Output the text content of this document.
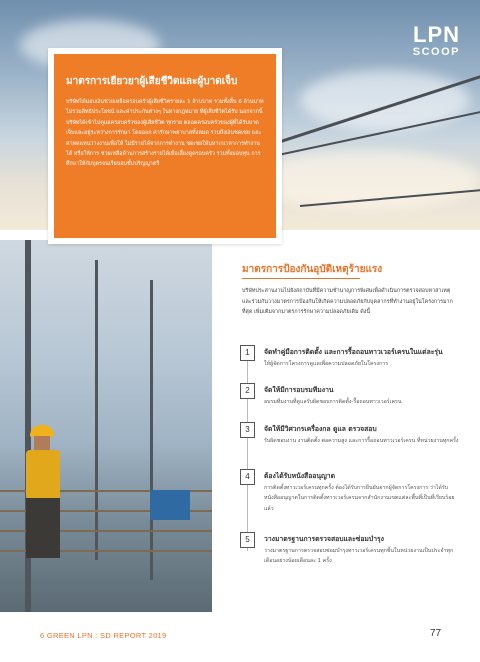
LPN
SCOOP
มาตรการเยียวยาผู้เสียชีวิตและผู้บาดเจ็บ
บริษัทได้มอบเงินช่วยเหลือครอบครัวผู้เสียชีวิตรายละ 1 ล้านบาท รวมทั้งสิ้น 6 ล้านบาท ไม่รวมสิทธิประโยชน์ และค่าประกันต่างๆ ในทางกฎหมาย ที่ผู้เสียชีวิตได้รับ นอกจากนี้ บริษัทได้เข้าไปดูแลครอบครัวของผู้เสียชีวิต ทุกราย ตลอดครอบครัวของผู้ที่ได้รับบาดเจ็บและอยู่ระหว่างการรักษา โดยออก ค่ารักษาพยาบาลทั้งหมด รวมถึงเงินชดเชย และค่าทดแทนว่างงานเพื่อให้ ไม่มีรายได้จากการทำงาน ชดเชยให้มหาเกเวลาการทำงานได้ หรือให้การ ช่วยเหลือด้านการสร้างรายได้เพื่อเลี้ยงดูครอบครัว รวมทั้งมอบทุน การศึกษาให้กับบุตรจนเรียนจบชั้นปริญญาตรี
มาตรการป้องกันอุบัติเหตุร้ายแรง
บริษัทประสานงานไปยังสถาบันที่มีความชำนาญการพิเศษเพื่อดำเนินการตรวจสอบหาสาเหตุ และร่วมกันวางมาตรการป้องกันให้เกิดความปลอดภัยกับบุคลากรที่ทำงานอยู่ในโครงการมากที่สุด เพิ่มเติมจากมาตรการรักษาความปลอดภัยเดิม ดังนี้
1	จัดทำคู่มือการติดตั้ง และการรื้อถอนทาวเวอร์เครนในแต่ละรุ่น
ให้ผู้จัดการโครงการดูแลเพื่อความปลอดภัยในโครงการ
2	จัดให้มีการอบรมทีมงาน
อบรมทีมงานที่ดูแลรับผิดชอบการติดตั้ง-รื้อถอนทาวเวอร์เครน
3	จัดให้มีวิศวกรเครื่องกล ดูแล ตรวจสอบ
รับผิดชอบงาน งานติดตั้ง ต่อความสูง และการรื้อถอนทาวเวอร์เครน ที่หน่วยงานทุกครั้ง
4	ต้องได้รับหนังสืออนุญาต
การติดตั้งทาวเวอร์เครนทุกครั้ง ต้องได้รับการยืนยันจากผู้จัดการโครงการ ว่าได้รับหนังสืออนุญาตในการติดตั้งทาวเวอร์เครนจากสำนักงานเขตแต่ละพื้นที่เป็นที่เรียบร้อยแล้ว
5	วางมาตรฐานการตรวจสอบและซ่อมบำรุง
วางมาตรฐานการตรวจสอบซ่อมบำรุงทาวเวอร์เครนทุกชิ้นในหน่วยงานเป็นประจำทุกเดือนอย่างน้อยเดือนละ 1 ครั้ง
6 GREEN LPN : SD REPORT 2019	77
